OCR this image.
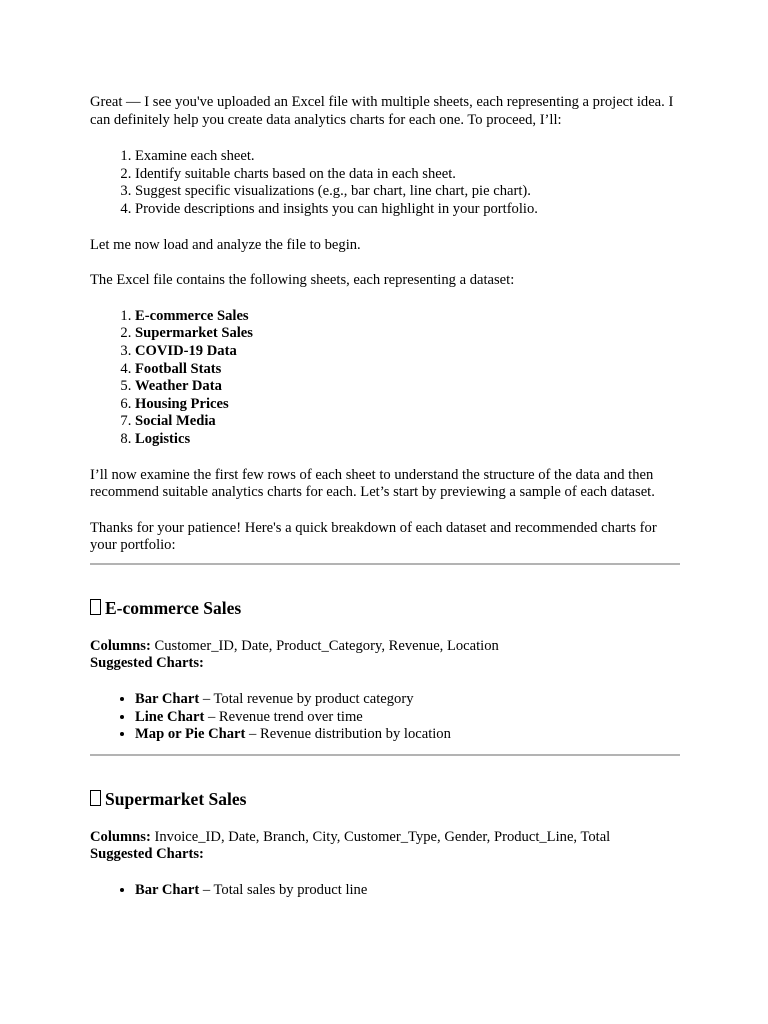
Great — I see you've uploaded an Excel file with multiple sheets, each representing a project idea. I can definitely help you create data analytics charts for each one. To proceed, I’ll:

1. Examine each sheet.
2. Identify suitable charts based on the data in each sheet.
3. Suggest specific visualizations (e.g., bar chart, line chart, pie chart).
4. Provide descriptions and insights you can highlight in your portfolio.

Let me now load and analyze the file to begin.

The Excel file contains the following sheets, each representing a dataset:

1. E-commerce Sales
2. Supermarket Sales
3. COVID-19 Data
4. Football Stats
5. Weather Data
6. Housing Prices
7. Social Media
8. Logistics

I’ll now examine the first few rows of each sheet to understand the structure of the data and then recommend suitable analytics charts for each. Let’s start by previewing a sample of each dataset.

Thanks for your patience! Here's a quick breakdown of each dataset and recommended charts for your portfolio:

E-commerce Sales

Columns: Customer_ID, Date, Product_Category, Revenue, Location

Suggested Charts:

• Bar Chart – Total revenue by product category
• Line Chart – Revenue trend over time
• Map or Pie Chart – Revenue distribution by location
Supermarket Sales

Columns: Invoice_ID, Date, Branch, City, Customer_Type, Gender, Product_Line, Total

Suggested Charts:

• Bar Chart – Total sales by product line
